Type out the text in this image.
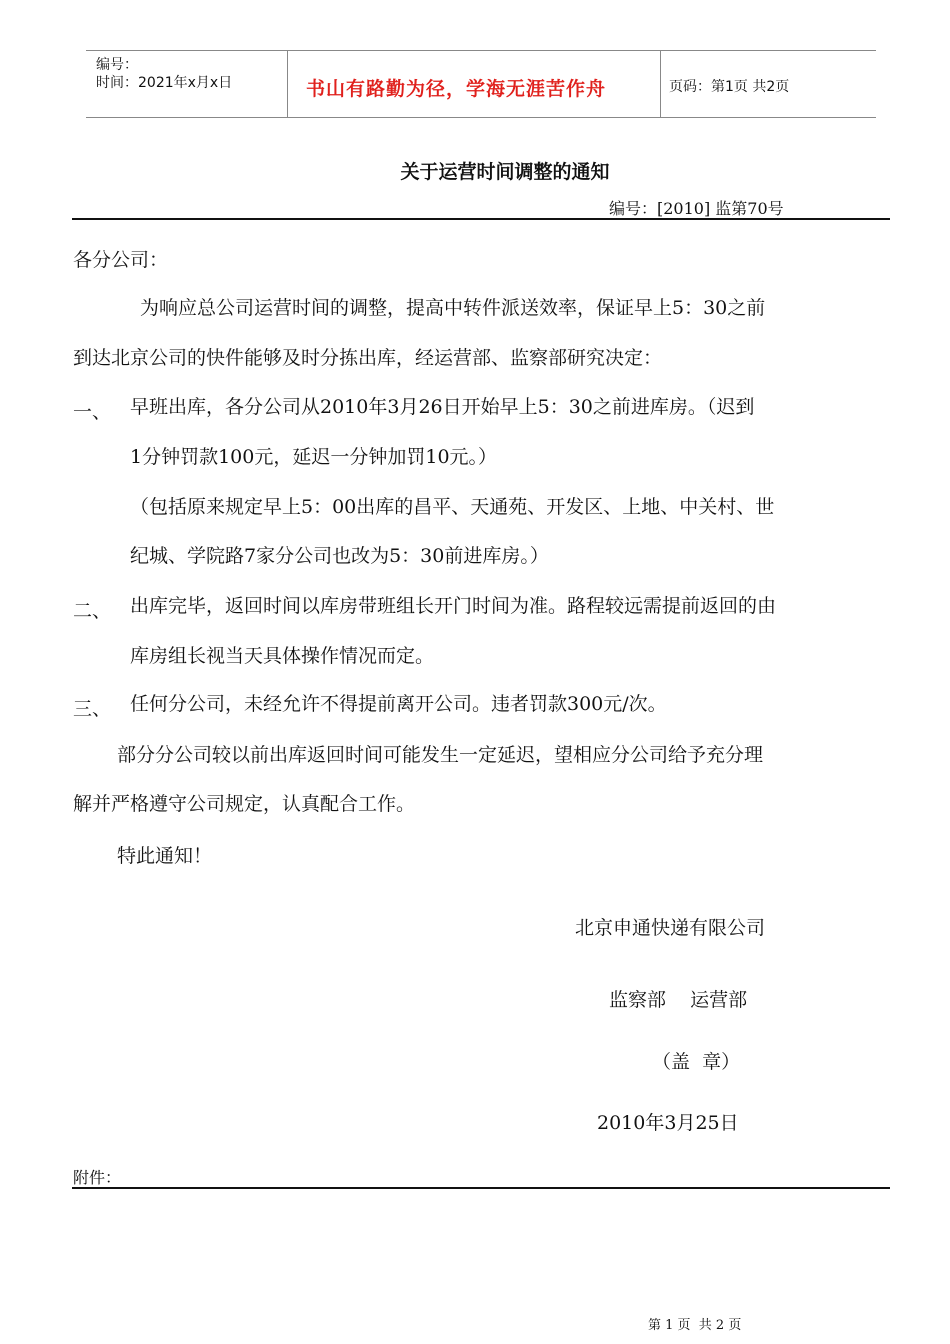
编号：
时间：2021年x月x日	书山有路勤为径，学海无涯苦作舟	页码：第1页 共2页
关于运营时间调整的通知
编号：[2010] 监第70号
各分公司：
为响应总公司运营时间的调整，提高中转件派送效率，保证早上5：30之前
到达北京公司的快件能够及时分拣出库，经运营部、监察部研究决定：
一、 早班出库，各分公司从2010年3月26日开始早上5：30之前进库房。（迟到
1分钟罚款100元，延迟一分钟加罚10元。）
（包括原来规定早上5：00出库的昌平、天通苑、开发区、上地、中关村、世
纪城、学院路7家分公司也改为5：30前进库房。）
二、 出库完毕，返回时间以库房带班组长开门时间为准。路程较远需提前返回的由
库房组长视当天具体操作情况而定。
三、 任何分公司，未经允许不得提前离开公司。违者罚款300元/次。
部分分公司较以前出库返回时间可能发生一定延迟，望相应分公司给予充分理
解并严格遵守公司规定，认真配合工作。
特此通知！
北京申通快递有限公司
监察部    运营部
（盖  章）
2010年3月25日
附件：
第 1 页  共 2 页
